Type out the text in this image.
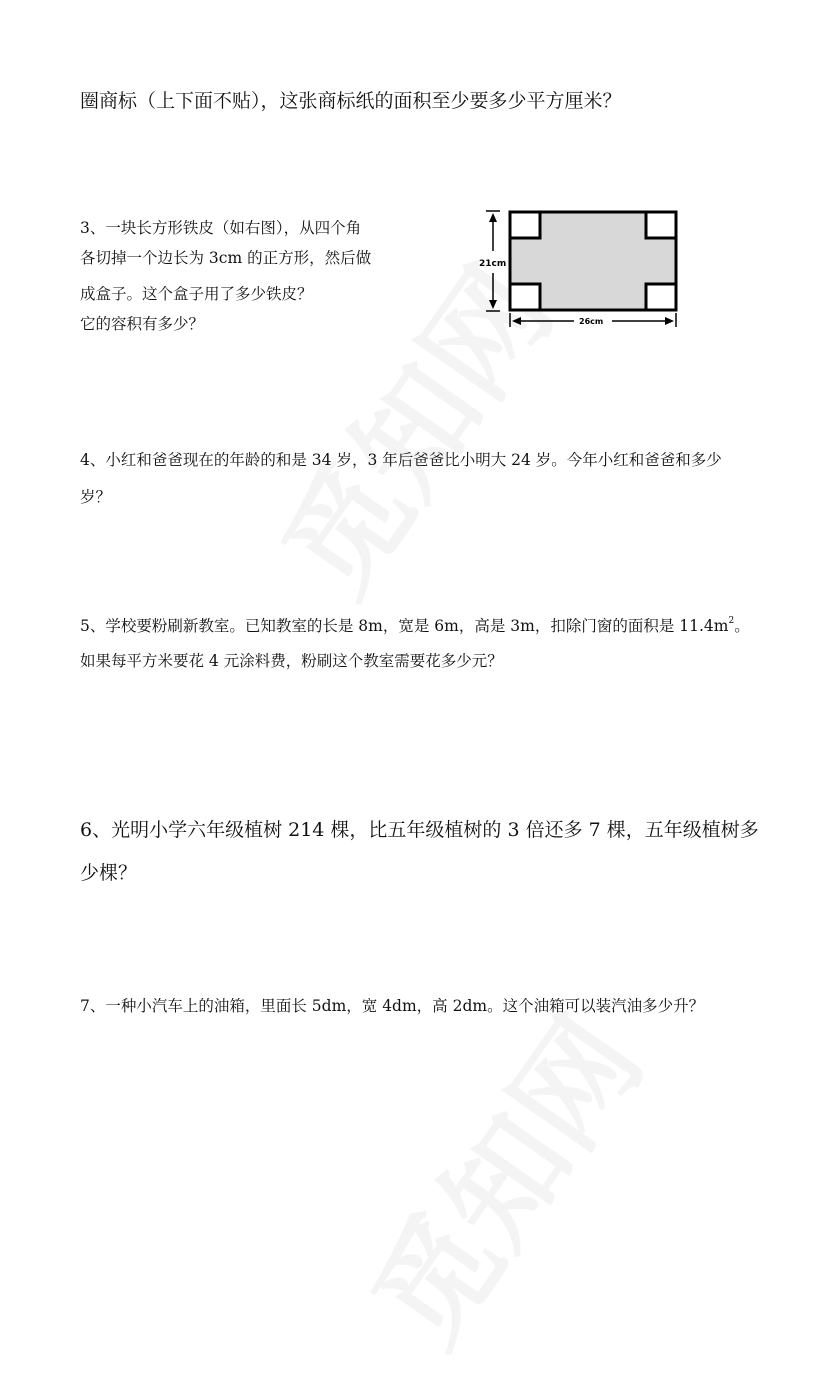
圈商标（上下面不贴），这张商标纸的面积至少要多少平方厘米？

3、一块长方形铁皮（如右图），从四个角

各切掉一个边长为 3cm 的正方形，然后做

成盒子。这个盒子用了多少铁皮？

它的容积有多少？

21cm
26cm

4、小红和爸爸现在的年龄的和是 34 岁，3 年后爸爸比小明大 24 岁。今年小红和爸爸和多少

岁？

5、学校要粉刷新教室。已知教室的长是 8m，宽是 6m，高是 3m，扣除门窗的面积是 $11.4m^2$。

如果每平方米要花 4 元涂料费，粉刷这个教室需要花多少元？

6、光明小学六年级植树 214 棵，比五年级植树的 3 倍还多 7 棵，五年级植树多

少棵？

7、一种小汽车上的油箱，里面长 5dm，宽 4dm，高 2dm。这个油箱可以装汽油多少升？
